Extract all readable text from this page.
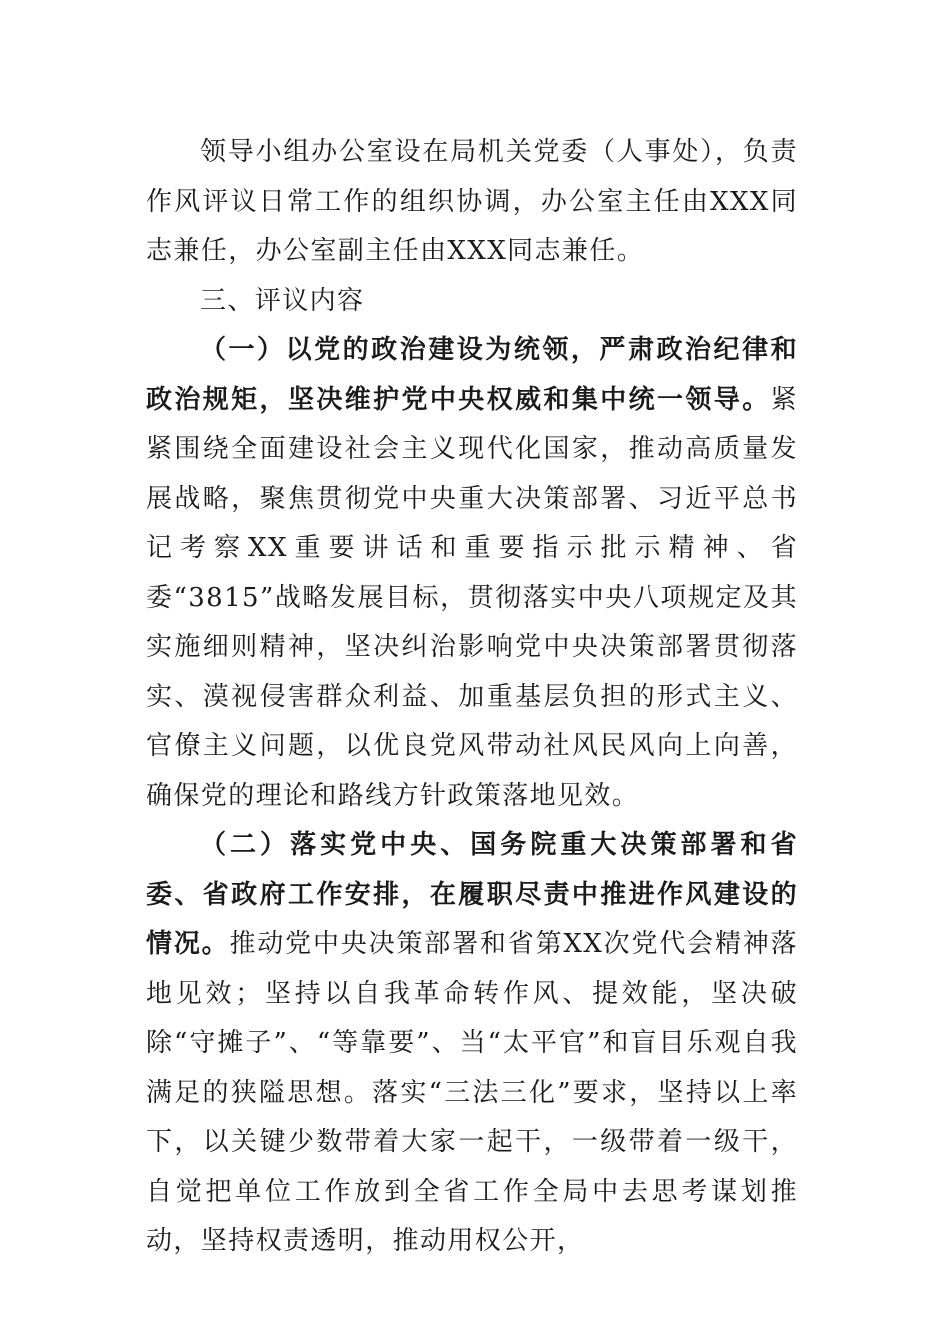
领导小组办公室设在局机关党委（人事处），负责作风评议日常工作的组织协调，办公室主任由XXX同志兼任，办公室副主任由XXX同志兼任。

三、评议内容

（一）以党的政治建设为统领，严肃政治纪律和政治规矩，坚决维护党中央权威和集中统一领导。紧紧围绕全面建设社会主义现代化国家，推动高质量发展战略，聚焦贯彻党中央重大决策部署、习近平总书记考察XX重要讲话和重要指示批示精神、省委“3815”战略发展目标，贯彻落实中央八项规定及其实施细则精神，坚决纠治影响党中央决策部署贯彻落实、漠视侵害群众利益、加重基层负担的形式主义、官僚主义问题，以优良党风带动社风民风向上向善，确保党的理论和路线方针政策落地见效。

（二）落实党中央、国务院重大决策部署和省委、省政府工作安排，在履职尽责中推进作风建设的情况。推动党中央决策部署和省第XX次党代会精神落地见效；坚持以自我革命转作风、提效能，坚决破除“守摊子”、“等靠要”、当“太平官”和盲目乐观自我满足的狭隘思想。落实“三法三化”要求，坚持以上率下，以关键少数带着大家一起干，一级带着一级干，自觉把单位工作放到全省工作全局中去思考谋划推动，坚持权责透明，推动用权公开，
